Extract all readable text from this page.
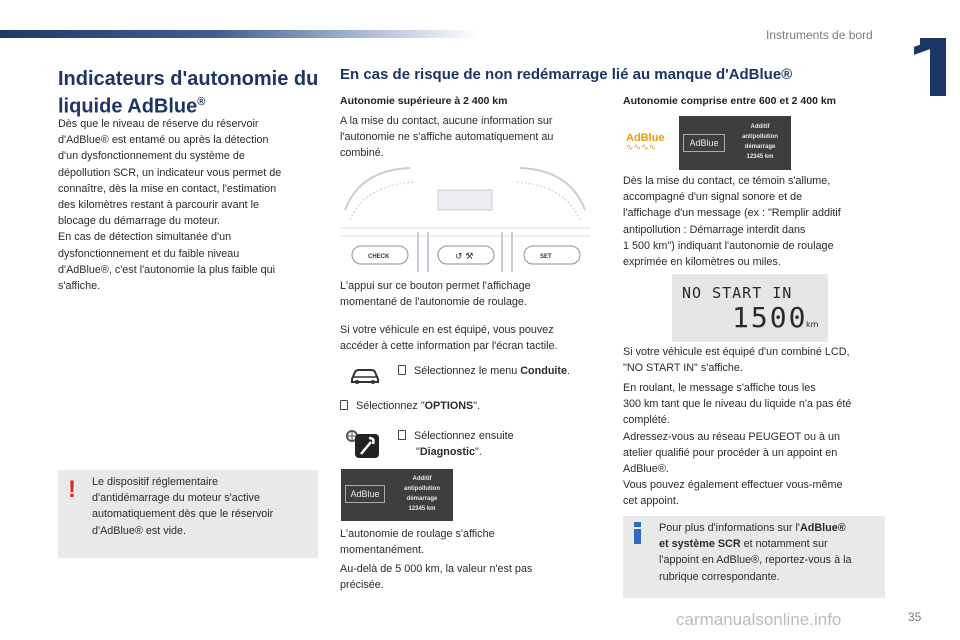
Instruments de bord
Indicateurs d'autonomie du liquide AdBlue®

Dès que le niveau de réserve du réservoir

d'AdBlue® est entamé ou après la détection

d'un dysfonctionnement du système de

dépollution SCR, un indicateur vous permet de

connaître, dès la mise en contact, l'estimation

des kilomètres restant à parcourir avant le

blocage du démarrage du moteur.

En cas de détection simultanée d'un

dysfonctionnement et du faible niveau

d'AdBlue®, c'est l'autonomie la plus faible qui

s'affiche.

! Le dispositif réglementaire

d'antidémarrage du moteur s'active

automatiquement dès que le réservoir

d'AdBlue® est vide.

En cas de risque de non redémarrage lié au manque d'AdBlue®
Autonomie supérieure à 2 400 km

A la mise du contact, aucune information sur

l'autonomie ne s'affiche automatiquement au

combiné.

CHECK	↺ ⚒	SET

L'appui sur ce bouton permet l'affichage

momentané de l'autonomie de roulage.

Si votre véhicule en est équipé, vous pouvez

accéder à cette information par l'écran tactile.

Sélectionnez le menu Conduite.

Sélectionnez "OPTIONS".

Sélectionnez ensuite

"Diagnostic".

AdBlue
Additif
antipollution
démarrage
12345 km

L'autonomie de roulage s'affiche

momentanément.

Au-delà de 5 000 km, la valeur n'est pas

précisée.

Autonomie comprise entre 600 et 2 400 km
AdBlue
∿∿∿∿	AdBlue
Additif
antipollution
démarrage
12345 km

Dès la mise du contact, ce témoin s'allume,

accompagné d'un signal sonore et de

l'affichage d'un message (ex : "Remplir additif

antipollution : Démarrage interdit dans

1 500 km") indiquant l'autonomie de roulage

exprimée en kilomètres ou miles.

NO START IN
1500
km

Si votre véhicule est équipé d'un combiné LCD,

"NO START IN" s'affiche.

En roulant, le message s'affiche tous les

300 km tant que le niveau du liquide n'a pas été

complété.

Adressez-vous au réseau PEUGEOT ou à un

atelier qualifié pour procéder à un appoint en

AdBlue®.

Vous pouvez également effectuer vous-même

cet appoint.

Pour plus d'informations sur l'AdBlue®

et système SCR et notamment sur

l'appoint en AdBlue®, reportez-vous à la

rubrique correspondante.

carmanualsonline.info	35
